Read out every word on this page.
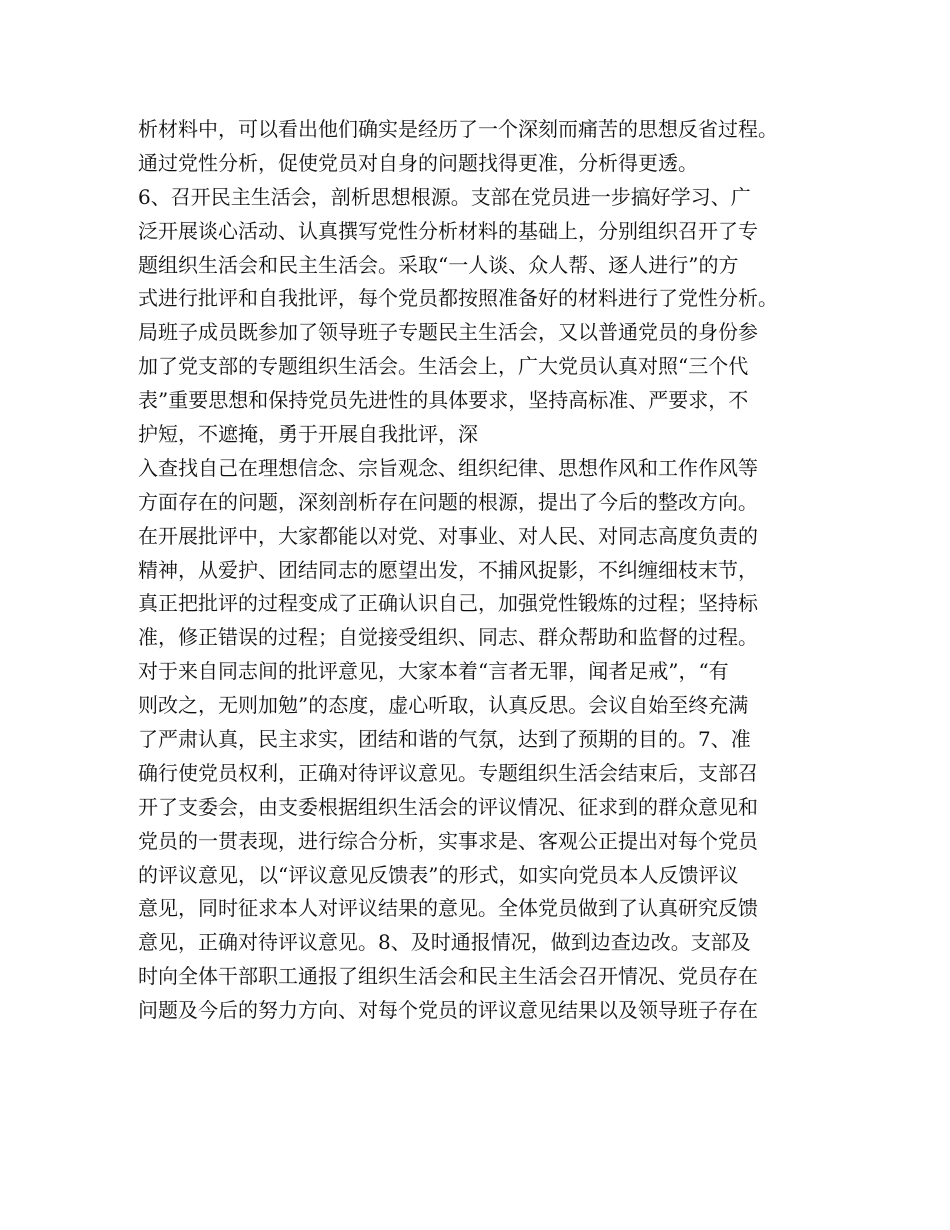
析材料中，可以看出他们确实是经历了一个深刻而痛苦的思想反省过程。

通过党性分析，促使党员对自身的问题找得更准，分析得更透。

6、召开民主生活会，剖析思想根源。支部在党员进一步搞好学习、广

泛开展谈心活动、认真撰写党性分析材料的基础上，分别组织召开了专

题组织生活会和民主生活会。采取“一人谈、众人帮、逐人进行”的方

式进行批评和自我批评，每个党员都按照准备好的材料进行了党性分析。

局班子成员既参加了领导班子专题民主生活会，又以普通党员的身份参

加了党支部的专题组织生活会。生活会上，广大党员认真对照“三个代

表”重要思想和保持党员先进性的具体要求，坚持高标准、严要求，不

护短，不遮掩，勇于开展自我批评，深

入查找自己在理想信念、宗旨观念、组织纪律、思想作风和工作作风等

方面存在的问题，深刻剖析存在问题的根源，提出了今后的整改方向。

在开展批评中，大家都能以对党、对事业、对人民、对同志高度负责的

精神，从爱护、团结同志的愿望出发，不捕风捉影，不纠缠细枝末节，

真正把批评的过程变成了正确认识自己，加强党性锻炼的过程；坚持标

准，修正错误的过程；自觉接受组织、同志、群众帮助和监督的过程。

对于来自同志间的批评意见，大家本着“言者无罪，闻者足戒”，“有

则改之，无则加勉”的态度，虚心听取，认真反思。会议自始至终充满

了严肃认真，民主求实，团结和谐的气氛，达到了预期的目的。7、准

确行使党员权利，正确对待评议意见。专题组织生活会结束后，支部召

开了支委会，由支委根据组织生活会的评议情况、征求到的群众意见和

党员的一贯表现，进行综合分析，实事求是、客观公正提出对每个党员

的评议意见，以“评议意见反馈表”的形式，如实向党员本人反馈评议

意见，同时征求本人对评议结果的意见。全体党员做到了认真研究反馈

意见，正确对待评议意见。8、及时通报情况，做到边查边改。支部及

时向全体干部职工通报了组织生活会和民主生活会召开情况、党员存在

问题及今后的努力方向、对每个党员的评议意见结果以及领导班子存在
